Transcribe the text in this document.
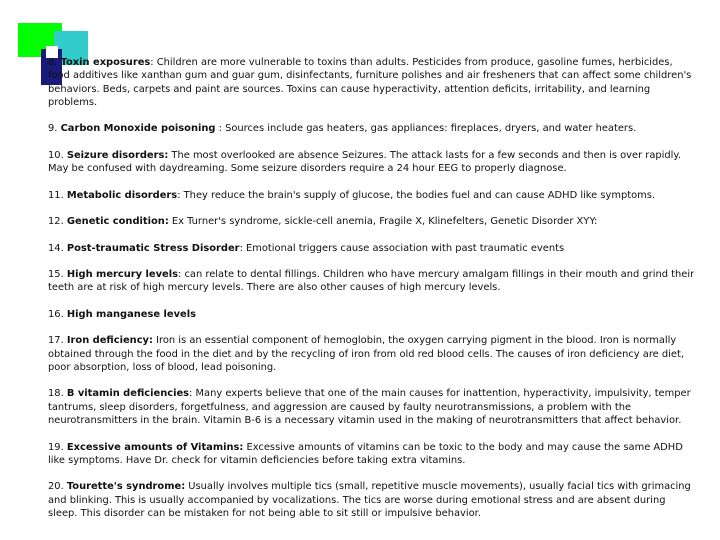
8. Toxin exposures: Children are more vulnerable to toxins than adults. Pesticides from produce, gasoline fumes, herbicides, food additives like xanthan gum and guar gum, disinfectants, furniture polishes and air fresheners that can affect some children's behaviors. Beds, carpets and paint are sources. Toxins can cause hyperactivity, attention deficits, irritability, and learning problems.

9. Carbon Monoxide poisoning : Sources include gas heaters, gas appliances: fireplaces, dryers, and water heaters.

10. Seizure disorders: The most overlooked are absence Seizures. The attack lasts for a few seconds and then is over rapidly. May be confused with daydreaming. Some seizure disorders require a 24 hour EEG to properly diagnose.

11. Metabolic disorders: They reduce the brain's supply of glucose, the bodies fuel and can cause ADHD like symptoms.

12. Genetic condition: Ex Turner's syndrome, sickle-cell anemia, Fragile X, Klinefelters, Genetic Disorder XYY:

14. Post-traumatic Stress Disorder: Emotional triggers cause association with past traumatic events

15. High mercury levels: can relate to dental fillings. Children who have mercury amalgam fillings in their mouth and grind their teeth are at risk of high mercury levels. There are also other causes of high mercury levels.

16. High manganese levels

17. Iron deficiency: Iron is an essential component of hemoglobin, the oxygen carrying pigment in the blood. Iron is normally obtained through the food in the diet and by the recycling of iron from old red blood cells. The causes of iron deficiency are diet, poor absorption, loss of blood, lead poisoning.

18. B vitamin deficiencies: Many experts believe that one of the main causes for inattention, hyperactivity, impulsivity, temper tantrums, sleep disorders, forgetfulness, and aggression are caused by faulty neurotransmissions, a problem with the neurotransmitters in the brain. Vitamin B-6 is a necessary vitamin used in the making of neurotransmitters that affect behavior.

19. Excessive amounts of Vitamins: Excessive amounts of vitamins can be toxic to the body and may cause the same ADHD like symptoms. Have Dr. check for vitamin deficiencies before taking extra vitamins.

20. Tourette's syndrome: Usually involves multiple tics (small, repetitive muscle movements), usually facial tics with grimacing and blinking. This is usually accompanied by vocalizations. The tics are worse during emotional stress and are absent during sleep. This disorder can be mistaken for not being able to sit still or impulsive behavior.
